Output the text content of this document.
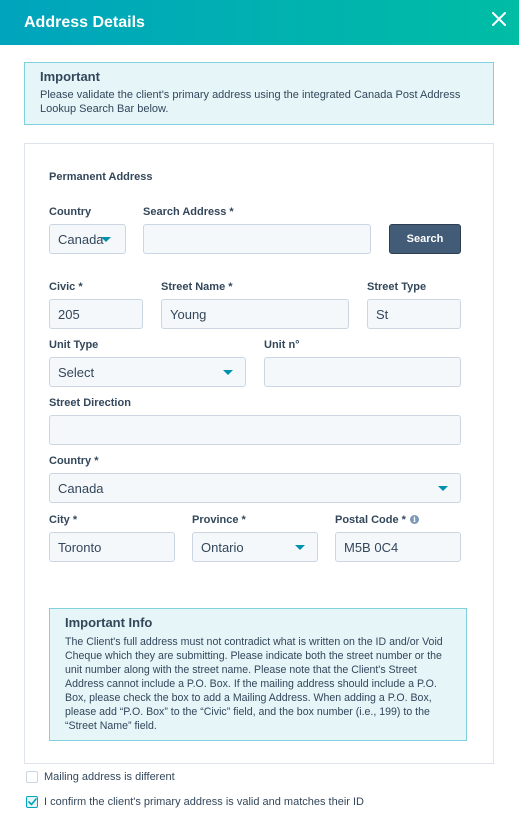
Address Details
Important
Please validate the client's primary address using the integrated Canada Post Address Lookup Search Bar below.
Permanent Address
Country
Canada
Search Address *
Search
Civic *
205
Street Name *
Young
Street Type
St
Unit Type
Select
Unit n°
Street Direction
Country *
Canada
City *
Toronto
Province *
Ontario
Postal Code *	i
M5B 0C4
Important Info
The Client's full address must not contradict what is written on the ID and/or Void Cheque which they are submitting. Please indicate both the street number or the unit number along with the street name. Please note that the Client's Street Address cannot include a P.O. Box. If the mailing address should include a P.O. Box, please check the box to add a Mailing Address. When adding a P.O. Box, please add “P.O. Box” to the “Civic” field, and the box number (i.e., 199) to the “Street Name” field.
Mailing address is different
I confirm the client's primary address is valid and matches their ID
